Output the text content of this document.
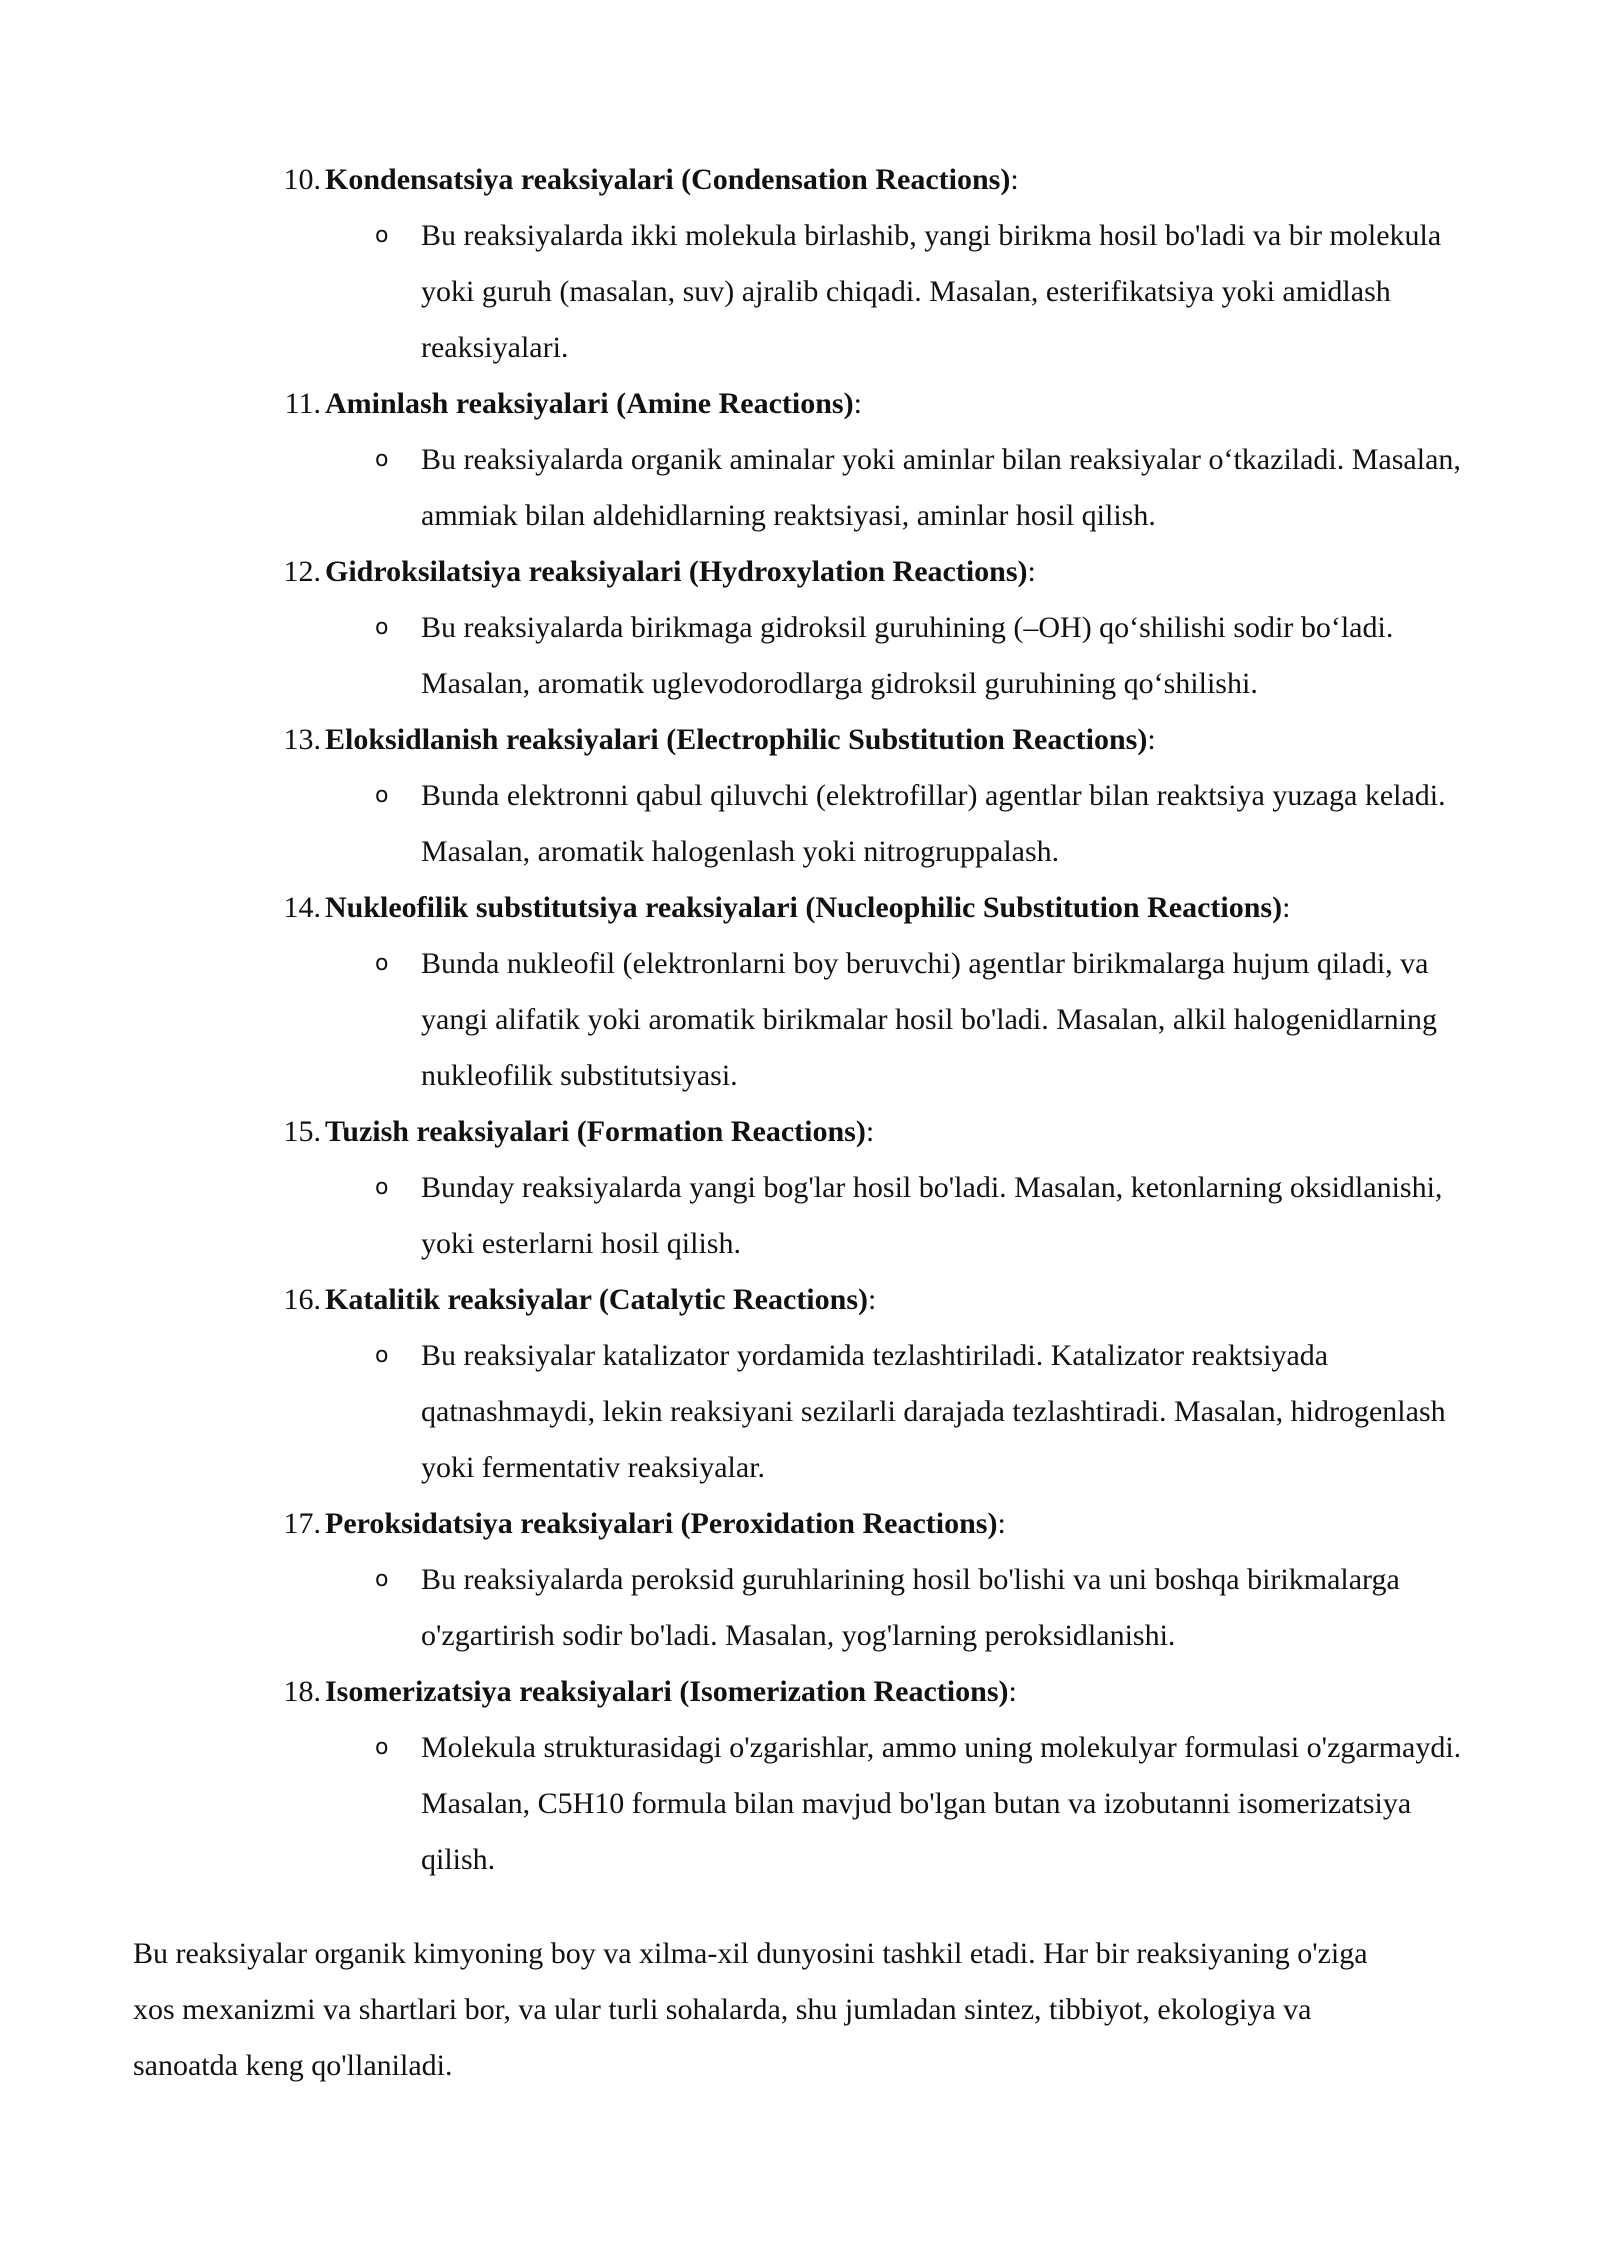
10. Kondensatsiya reaksiyalari (Condensation Reactions):
o Bu reaksiyalarda ikki molekula birlashib, yangi birikma hosil bo'ladi va bir molekula yoki guruh (masalan, suv) ajralib chiqadi. Masalan, esterifikatsiya yoki amidlash reaksiyalari.
11. Aminlash reaksiyalari (Amine Reactions):
o Bu reaksiyalarda organik aminalar yoki aminlar bilan reaksiyalar o‘tkaziladi. Masalan, ammiak bilan aldehidlarning reaktsiyasi, aminlar hosil qilish.
12. Gidroksilatsiya reaksiyalari (Hydroxylation Reactions):
o Bu reaksiyalarda birikmaga gidroksil guruhining (–OH) qo‘shilishi sodir bo‘ladi. Masalan, aromatik uglevodorodlarga gidroksil guruhining qo‘shilishi.
13. Eloksidlanish reaksiyalari (Electrophilic Substitution Reactions):
o Bunda elektronni qabul qiluvchi (elektrofillar) agentlar bilan reaktsiya yuzaga keladi. Masalan, aromatik halogenlash yoki nitrogruppalash.
14. Nukleofilik substitutsiya reaksiyalari (Nucleophilic Substitution Reactions):
o Bunda nukleofil (elektronlarni boy beruvchi) agentlar birikmalarga hujum qiladi, va yangi alifatik yoki aromatik birikmalar hosil bo'ladi. Masalan, alkil halogenidlarning nukleofilik substitutsiyasi.
15. Tuzish reaksiyalari (Formation Reactions):
o Bunday reaksiyalarda yangi bog'lar hosil bo'ladi. Masalan, ketonlarning oksidlanishi, yoki esterlarni hosil qilish.
16. Katalitik reaksiyalar (Catalytic Reactions):
o Bu reaksiyalar katalizator yordamida tezlashtiriladi. Katalizator reaktsiyada qatnashmaydi, lekin reaksiyani sezilarli darajada tezlashtiradi. Masalan, hidrogenlash yoki fermentativ reaksiyalar.
17. Peroksidatsiya reaksiyalari (Peroxidation Reactions):
o Bu reaksiyalarda peroksid guruhlarining hosil bo'lishi va uni boshqa birikmalarga o'zgartirish sodir bo'ladi. Masalan, yog'larning peroksidlanishi.
18. Isomerizatsiya reaksiyalari (Isomerization Reactions):
o Molekula strukturasidagi o'zgarishlar, ammo uning molekulyar formulasi o'zgarmaydi. Masalan, C5H10 formula bilan mavjud bo'lgan butan va izobutanni isomerizatsiya qilish.

Bu reaksiyalar organik kimyoning boy va xilma-xil dunyosini tashkil etadi. Har bir reaksiyaning o'ziga xos mexanizmi va shartlari bor, va ular turli sohalarda, shu jumladan sintez, tibbiyot, ekologiya va sanoatda keng qo'llaniladi.
